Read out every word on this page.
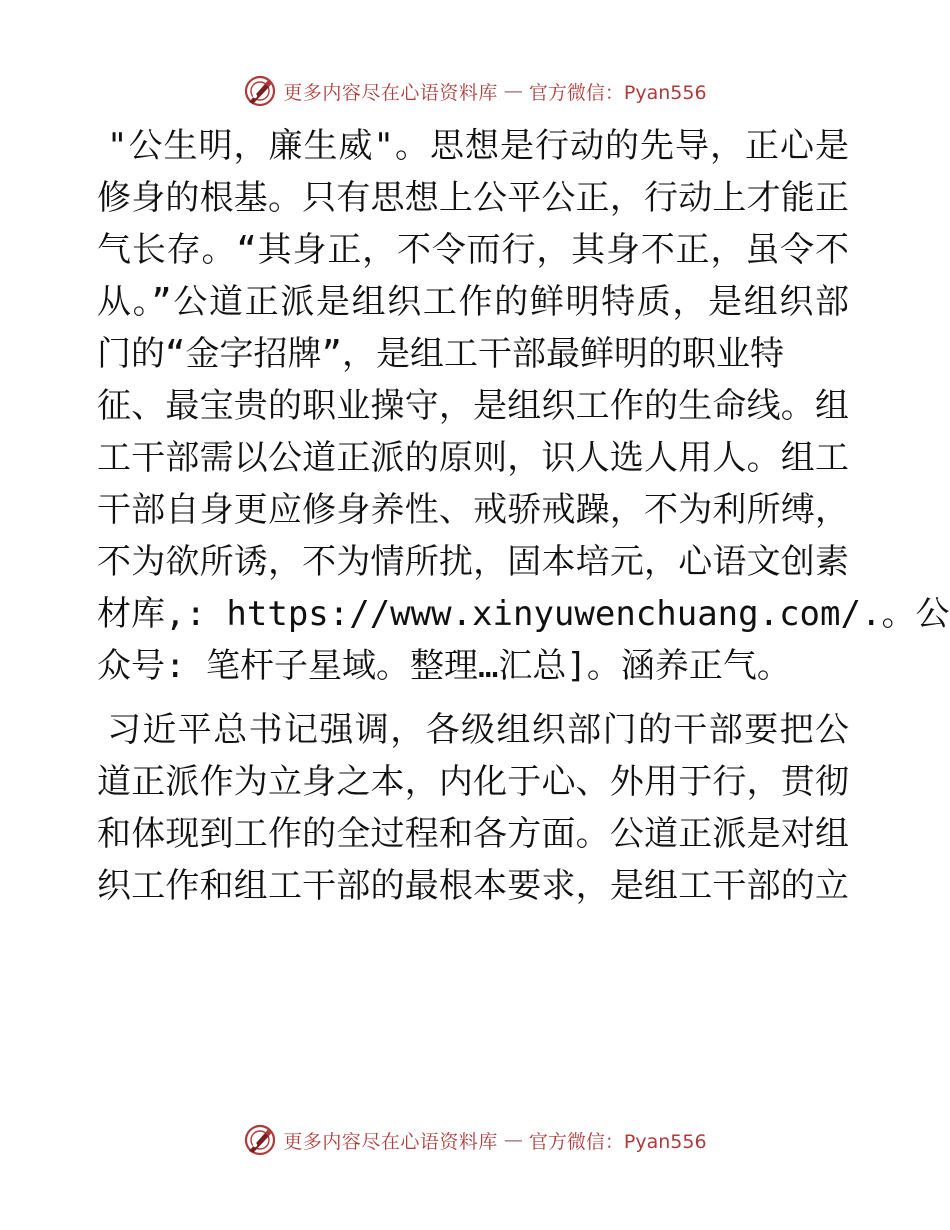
更多内容尽在心语资料库 — 官方微信：Pyan556
"公生明，廉生威"。思想是行动的先导，正心是
修身的根基。只有思想上公平公正，行动上才能正
气长存。“其身正，不令而行，其身不正，虽令不
从。”公道正派是组织工作的鲜明特质，是组织部
门的“金字招牌”，是组工干部最鲜明的职业特
征、最宝贵的职业操守，是组织工作的生命线。组
工干部需以公道正派的原则，识人选人用人。组工
干部自身更应修身养性、戒骄戒躁，不为利所缚，
不为欲所诱，不为情所扰，固本培元，心语文创素
材库,: https://www.xinyuwenchuang.com/.。公
众号: 笔杆子星域。整理…汇总]。涵养正气。
习近平总书记强调，各级组织部门的干部要把公
道正派作为立身之本，内化于心、外用于行，贯彻
和体现到工作的全过程和各方面。公道正派是对组
织工作和组工干部的最根本要求，是组工干部的立
更多内容尽在心语资料库 — 官方微信：Pyan556
